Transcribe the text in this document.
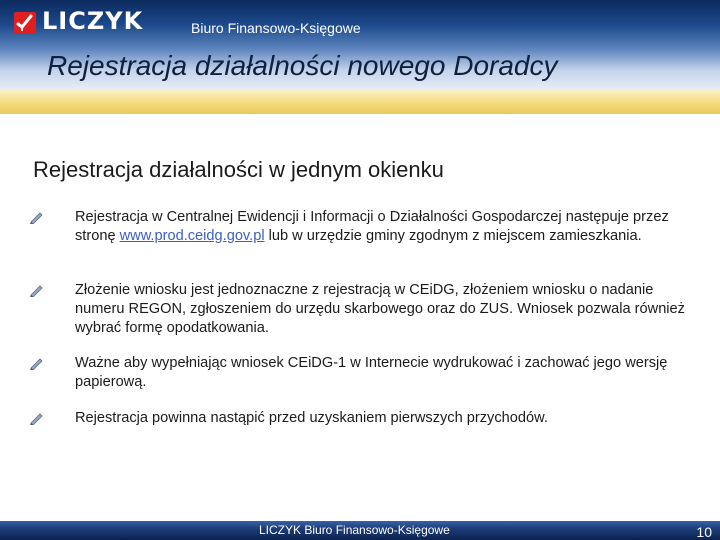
LICZYK	Biuro Finansowo-Księgowe
Rejestracja działalności nowego Doradcy
Rejestracja działalności w jednym okienku
Rejestracja w Centralnej Ewidencji i Informacji o Działalności Gospodarczej następuje przez stronę www.prod.ceidg.gov.pl lub w urzędzie gminy zgodnym z miejscem zamieszkania.
Złożenie wniosku jest jednoznaczne z rejestracją w CEiDG, złożeniem wniosku o nadanie numeru REGON, zgłoszeniem do urzędu skarbowego oraz do ZUS. Wniosek pozwala również wybrać formę opodatkowania.
Ważne aby wypełniając wniosek CEiDG-1 w Internecie wydrukować i zachować jego wersję papierową.
Rejestracja powinna nastąpić przed uzyskaniem pierwszych przychodów.
LICZYK Biuro Finansowo-Księgowe	10
